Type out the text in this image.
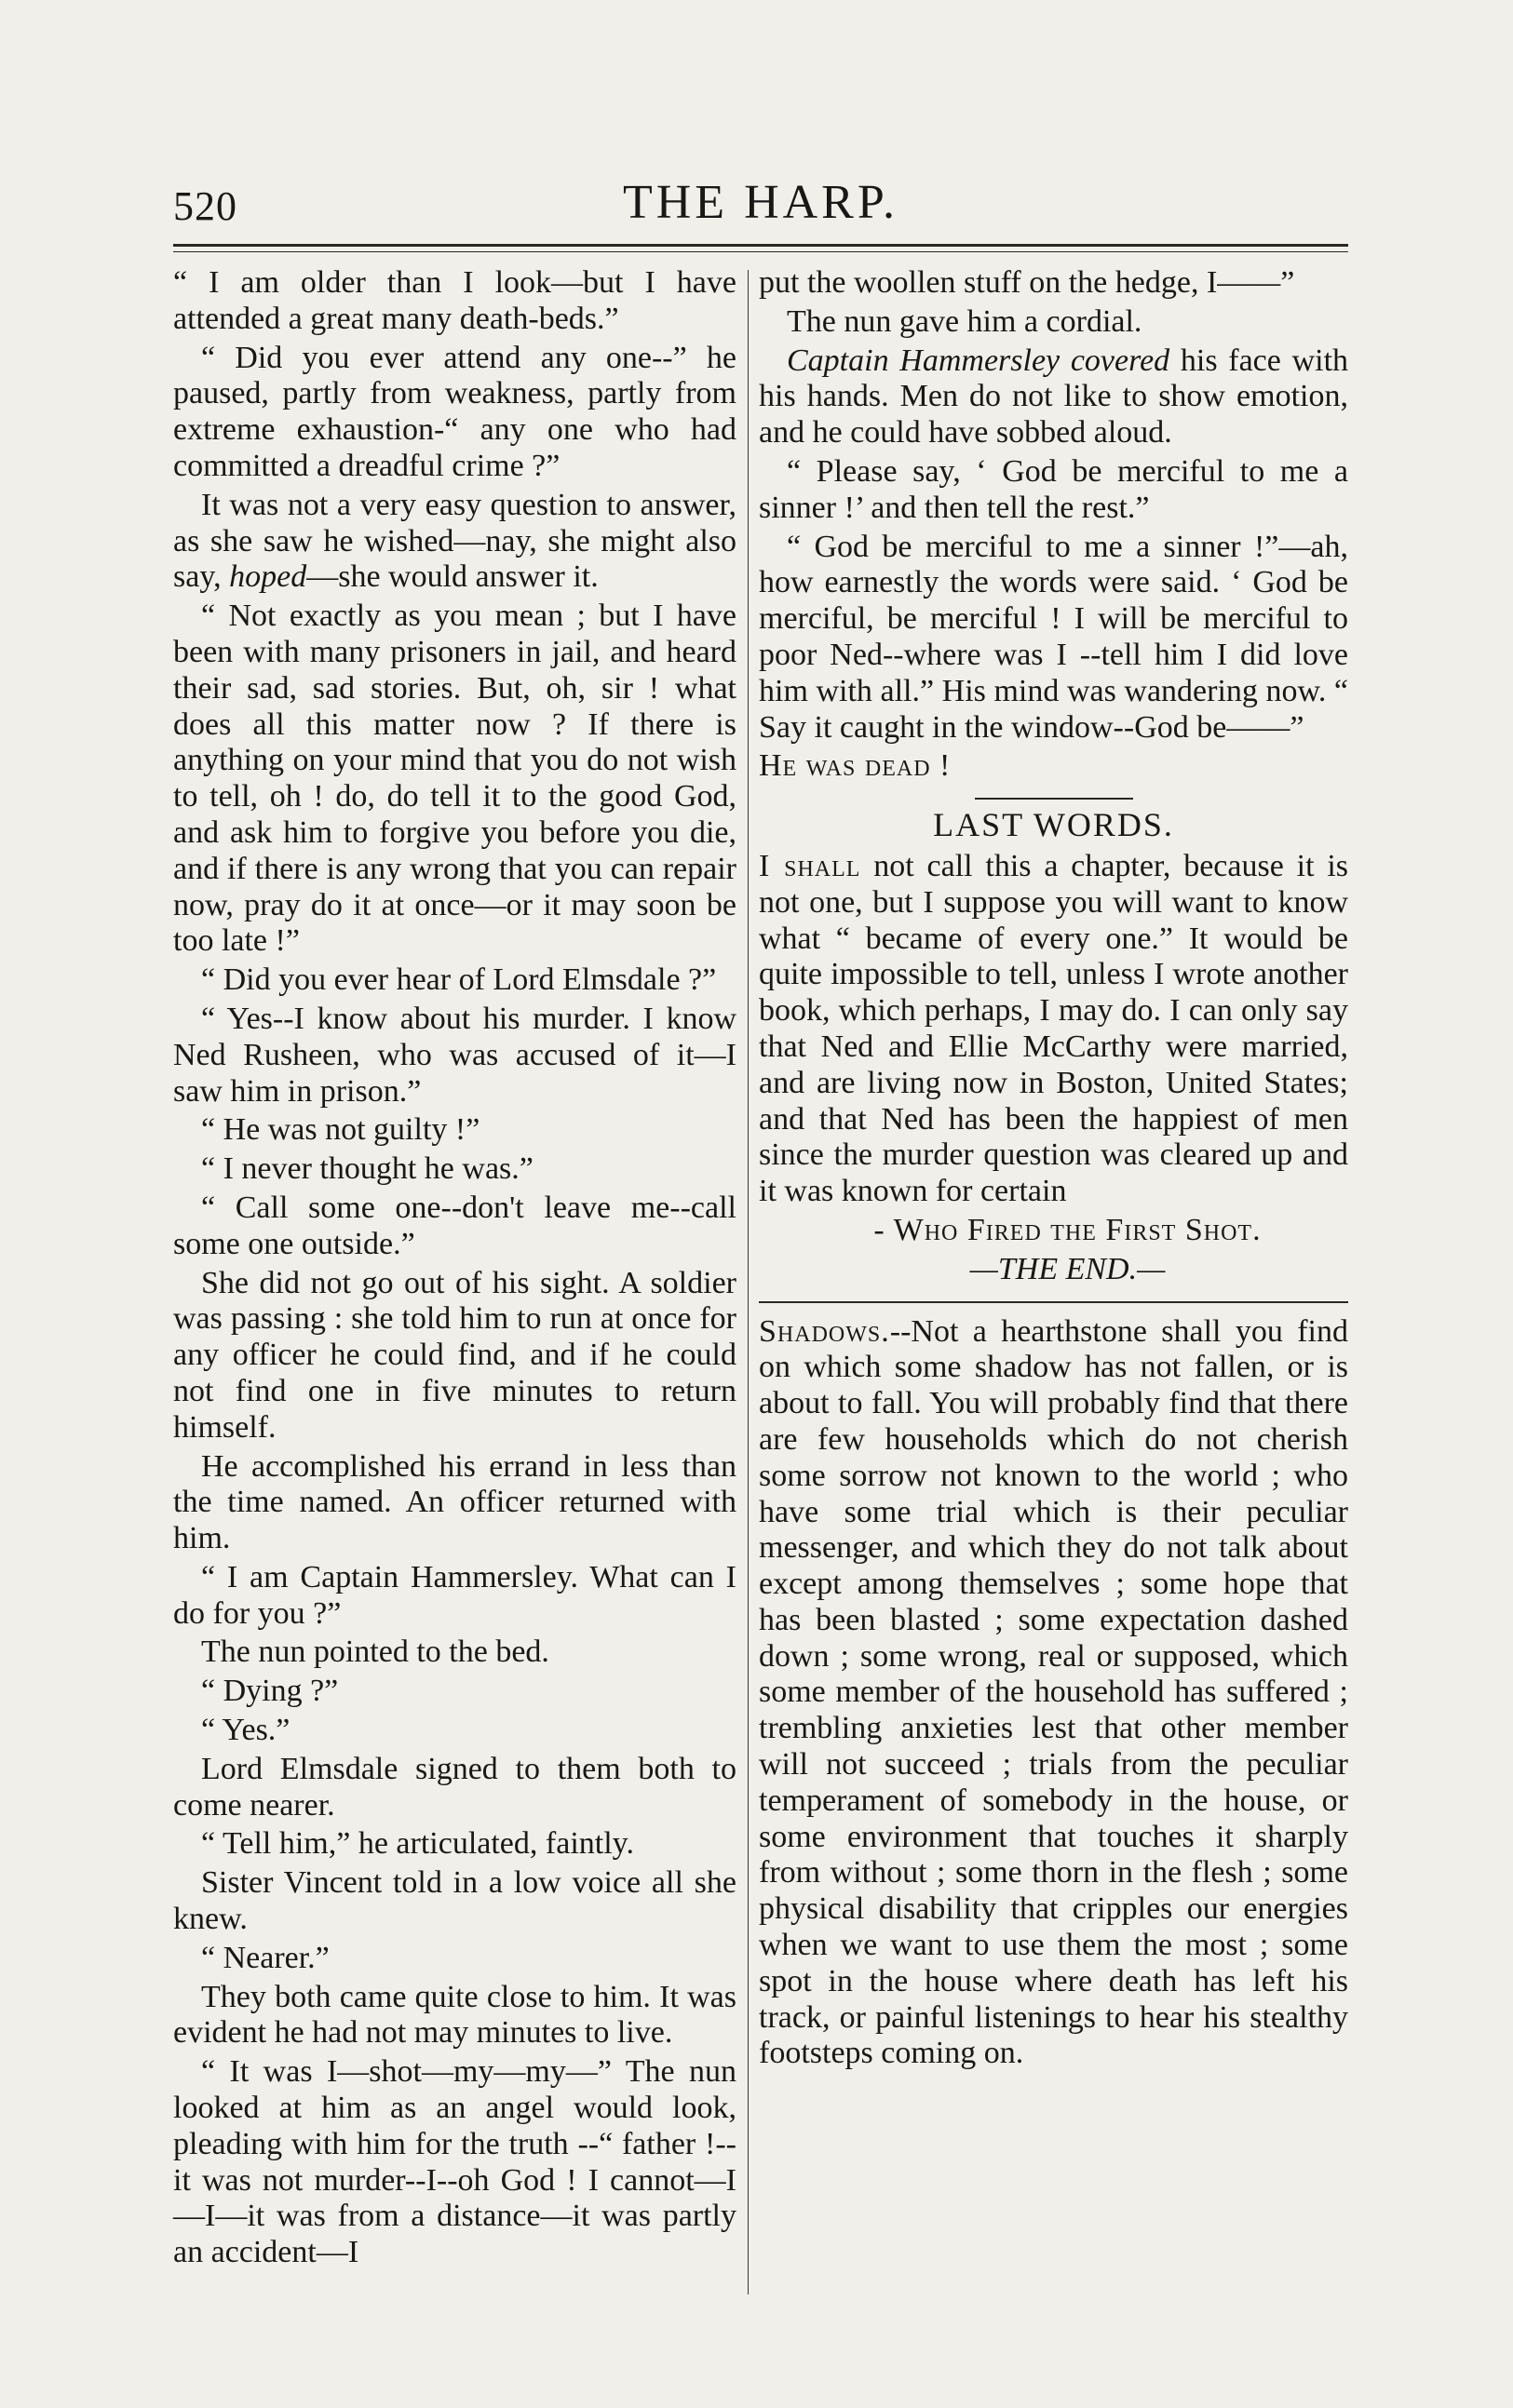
520	THE HARP.

“ I am older than I look—but I have attended a great many death-beds.”

“ Did you ever attend any one--” he paused, partly from weakness, partly from extreme exhaustion-“ any one who had committed a dreadful crime ?”

It was not a very easy question to answer, as she saw he wished—nay, she might also say, hoped—she would answer it.

“ Not exactly as you mean ; but I have been with many prisoners in jail, and heard their sad, sad stories. But, oh, sir ! what does all this matter now ? If there is anything on your mind that you do not wish to tell, oh ! do, do tell it to the good God, and ask him to forgive you before you die, and if there is any wrong that you can repair now, pray do it at once—or it may soon be too late !”

“ Did you ever hear of Lord Elmsdale ?”

“ Yes--I know about his murder. I know Ned Rusheen, who was accused of it—I saw him in prison.”

“ He was not guilty !”

“ I never thought he was.”

“ Call some one--don't leave me--call some one outside.”

She did not go out of his sight. A soldier was passing : she told him to run at once for any officer he could find, and if he could not find one in five minutes to return himself.

He accomplished his errand in less than the time named. An officer returned with him.

“ I am Captain Hammersley. What can I do for you ?”

The nun pointed to the bed.

“ Dying ?”

“ Yes.”

Lord Elmsdale signed to them both to come nearer.

“ Tell him,” he articulated, faintly.

Sister Vincent told in a low voice all she knew.

“ Nearer.”

They both came quite close to him. It was evident he had not may minutes to live.

“ It was I—shot—my—my—” The nun looked at him as an angel would look, pleading with him for the truth --“ father !--it was not murder--I--oh God ! I cannot—I—I—it was from a distance—it was partly an accident—I

put the woollen stuff on the hedge, I——”

The nun gave him a cordial.

Captain Hammersley covered his face with his hands. Men do not like to show emotion, and he could have sobbed aloud.

“ Please say, ‘ God be merciful to me a sinner !’ and then tell the rest.”

“ God be merciful to me a sinner !”—ah, how earnestly the words were said. ‘ God be merciful, be merciful ! I will be merciful to poor Ned--where was I --tell him I did love him with all.” His mind was wandering now. “ Say it caught in the window--God be——”

He was dead !

LAST WORDS.

I shall not call this a chapter, because it is not one, but I suppose you will want to know what “ became of every one.” It would be quite impossible to tell, unless I wrote another book, which perhaps, I may do. I can only say that Ned and Ellie McCarthy were married, and are living now in Boston, United States; and that Ned has been the happiest of men since the murder question was cleared up and it was known for certain

- Who Fired the First Shot.

—THE END.—

Shadows.--Not a hearthstone shall you find on which some shadow has not fallen, or is about to fall. You will probably find that there are few households which do not cherish some sorrow not known to the world ; who have some trial which is their peculiar messenger, and which they do not talk about except among themselves ; some hope that has been blasted ; some expectation dashed down ; some wrong, real or supposed, which some member of the household has suffered ; trembling anxieties lest that other member will not succeed ; trials from the peculiar temperament of somebody in the house, or some environment that touches it sharply from without ; some thorn in the flesh ; some physical disability that cripples our energies when we want to use them the most ; some spot in the house where death has left his track, or painful listenings to hear his stealthy footsteps coming on.
